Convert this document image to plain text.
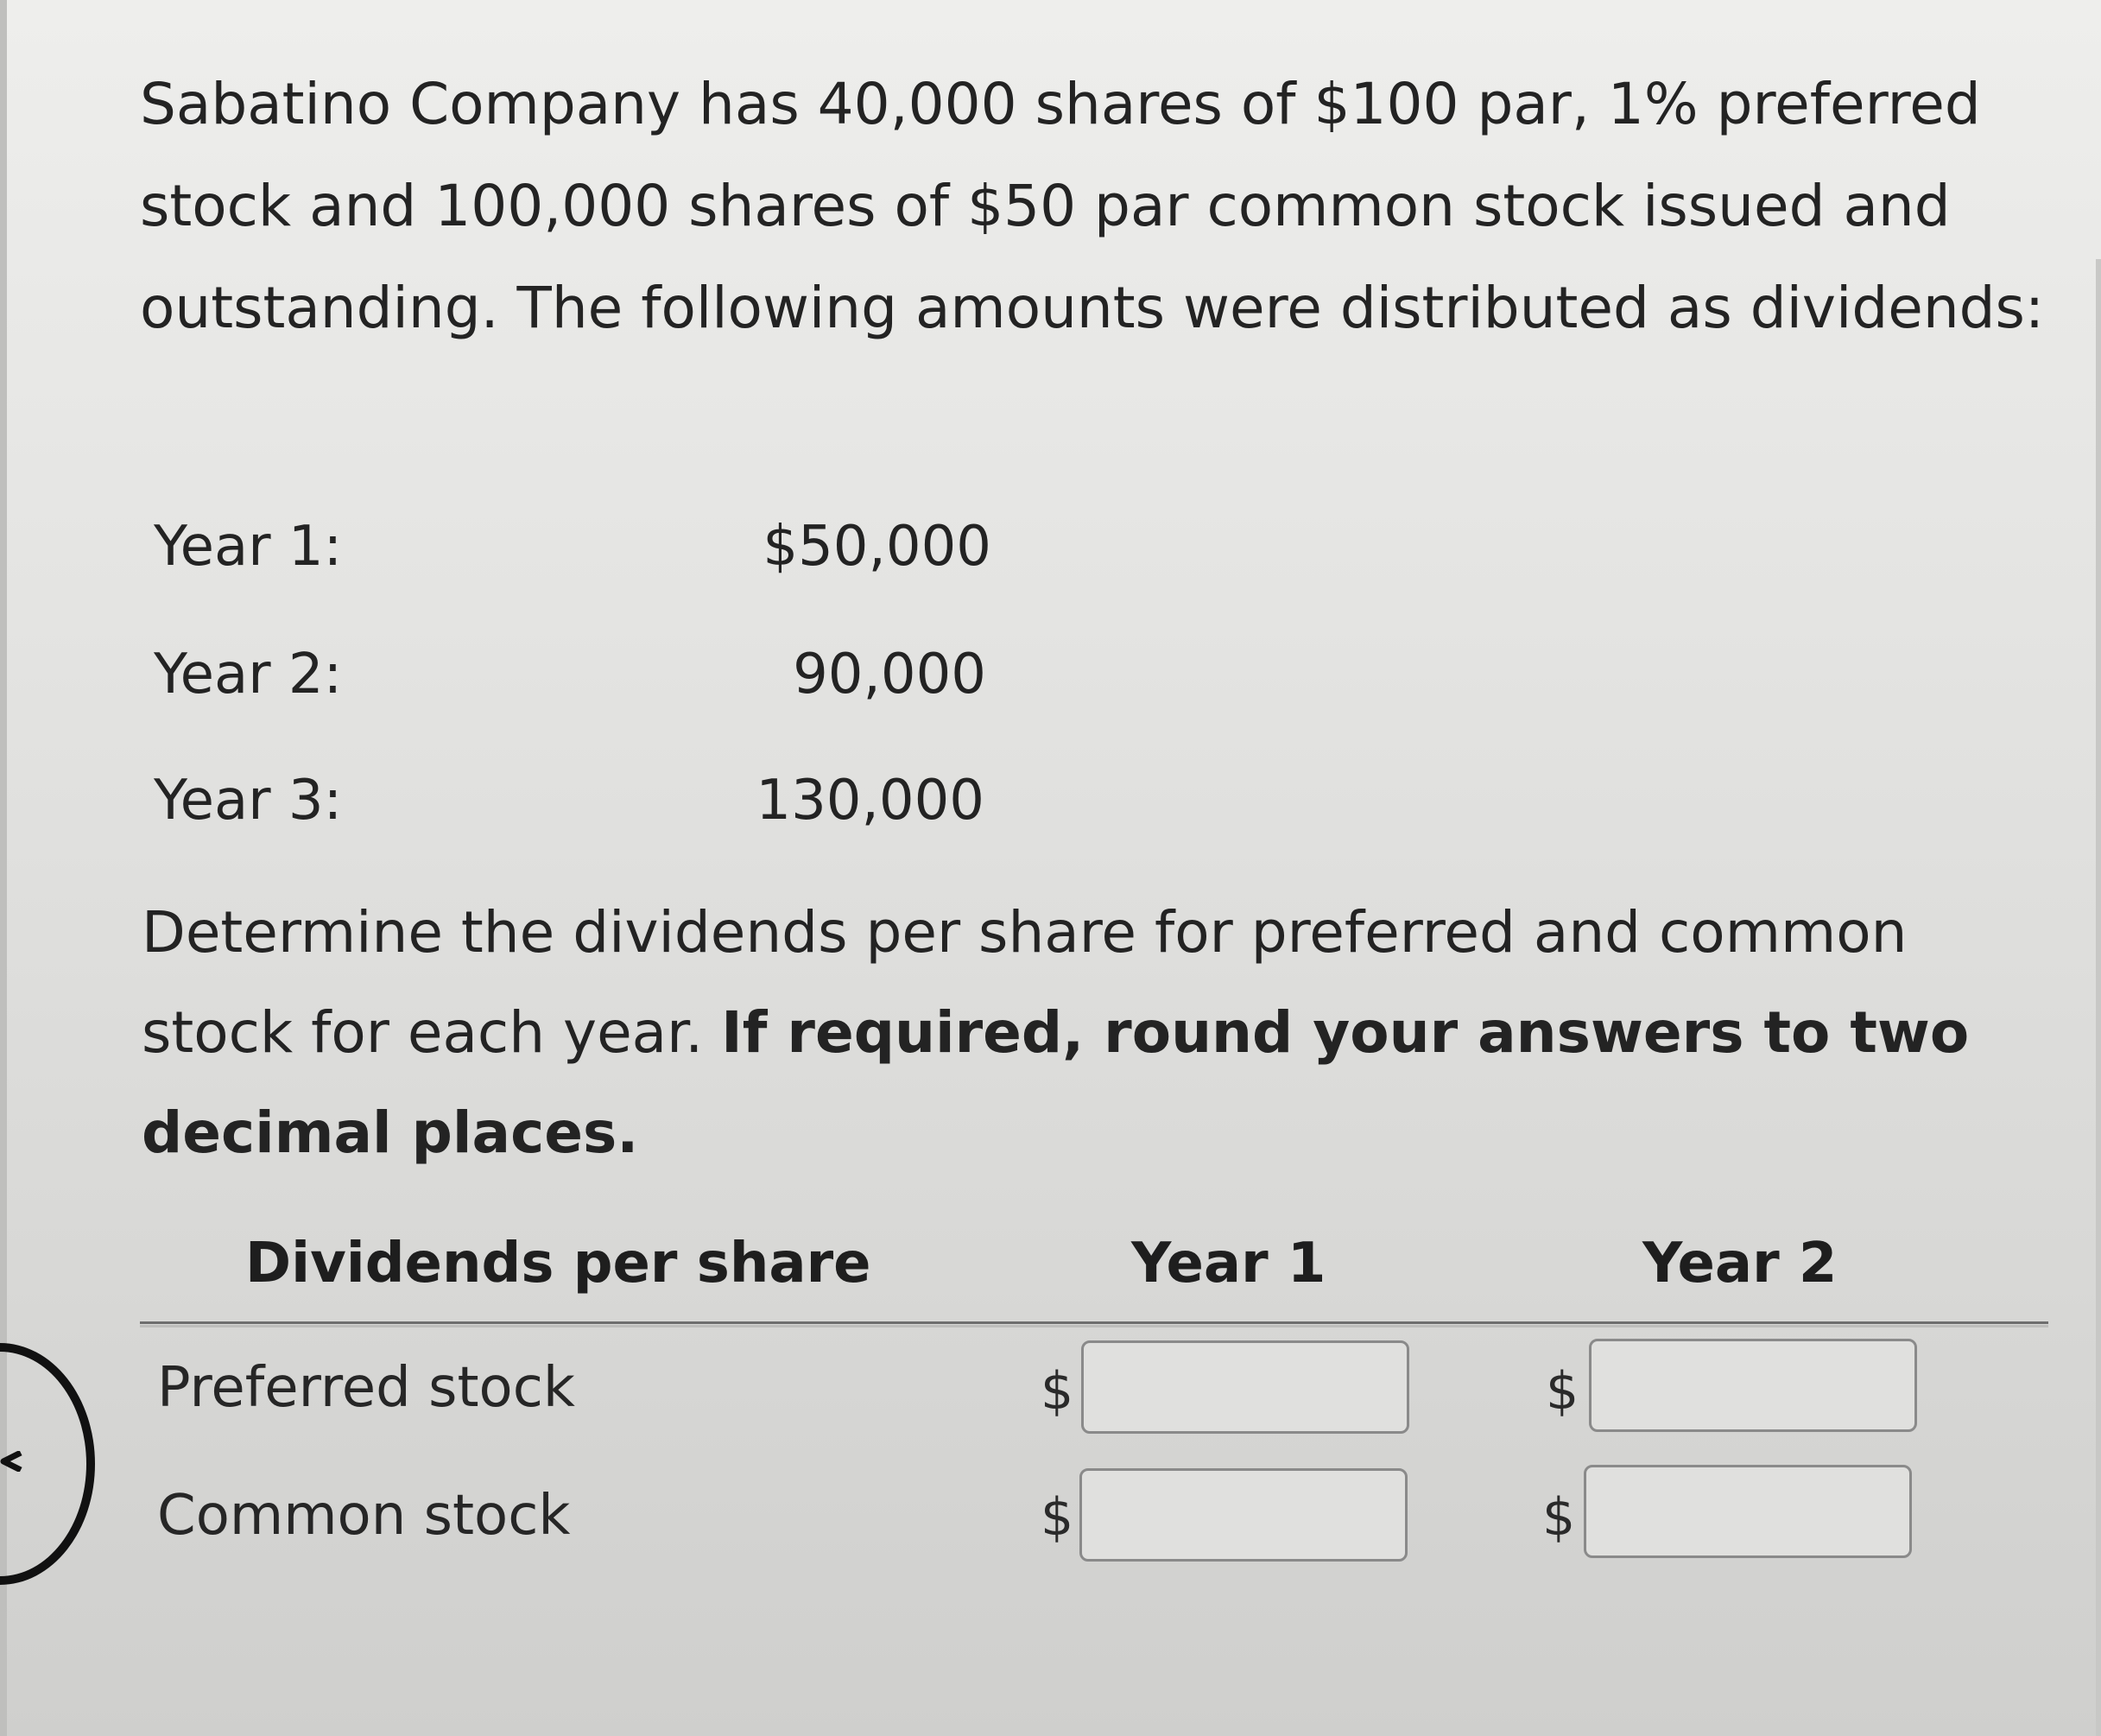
Sabatino Company has 40,000 shares of $100 par, 1% preferred stock and 100,000 shares of $50 par common stock issued and outstanding. The following amounts were distributed as dividends:

Year 1:	$50,000
Year 2:	90,000
Year 3:	130,000

Determine the dividends per share for preferred and common stock for each year. If required, round your answers to two decimal places.

Dividends per share	Year 1	Year 2
Preferred stock	$	$
Common stock	$	$
